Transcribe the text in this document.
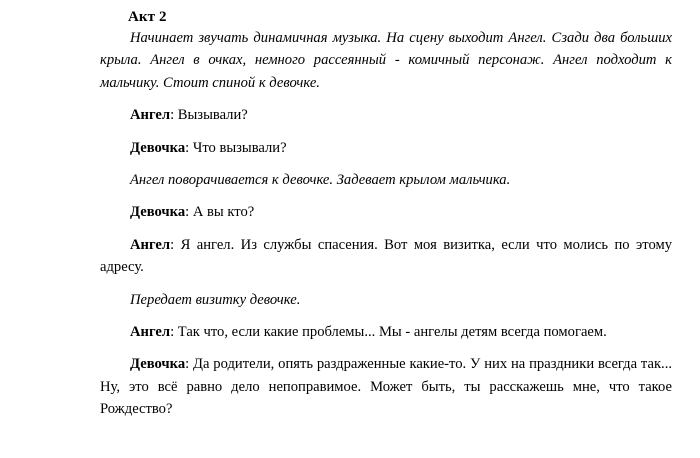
Акт 2

Начинает звучать динамичная музыка. На сцену выходит Ангел. Сзади два больших крыла. Ангел в очках, немного рассеянный - комичный персонаж. Ангел подходит к мальчику. Стоит спиной к девочке.

Ангел: Вызывали?

Девочка: Что вызывали?

Ангел поворачивается к девочке. Задевает крылом мальчика.

Девочка: А вы кто?

Ангел: Я ангел. Из службы спасения. Вот моя визитка, если что молись по этому адресу.

Передает визитку девочке.

Ангел: Так что, если какие проблемы... Мы - ангелы детям всегда помогаем.

Девочка: Да родители, опять раздраженные какие-то. У них на праздники всегда так... Ну, это всё равно дело непоправимое. Может быть, ты расскажешь мне, что такое Рождество?
